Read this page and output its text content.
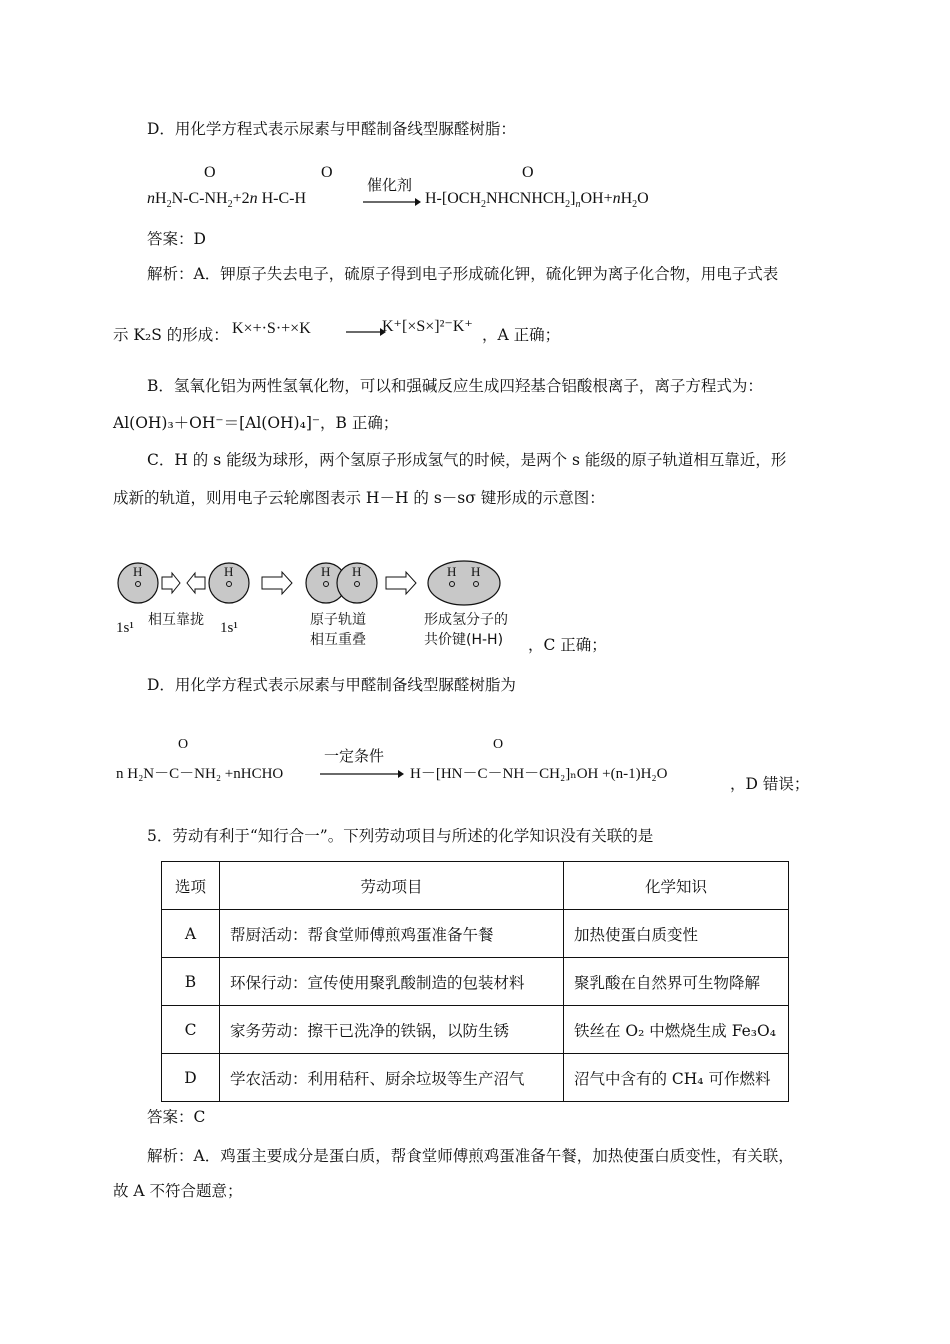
D．用化学方程式表示尿素与甲醛制备线型脲醛树脂：
O	O
催化剂
O
$nH_2N-C-NH_2+2n$ H-C-H	→ $H-[OCH_2NHCNHCH_2]_nOH+nH_2O$
答案：D
解析：A．钾原子失去电子，硫原子得到电子形成硫化钾，硫化钾为离子化合物，用电子式表
示 K₂S 的形成： K×+·S·+×K	K⁺[×S×]²⁻K⁺ ，A 正确；
B．氢氧化铝为两性氢氧化物，可以和强碱反应生成四羟基合铝酸根离子，离子方程式为：
Al(OH)₃＋OH⁻＝[Al(OH)₄]⁻，B 正确；
C．H 的 s 能级为球形，两个氢原子形成氢气的时候，是两个 s 能级的原子轨道相互靠近，形
成新的轨道，则用电子云轮廓图表示 H－H 的 s－sσ 键形成的示意图：
H	H	H H	H H
1s¹ 相互靠拢 1s¹	原子轨道
相互重叠
形成氢分子的
共价键(H-H) ，C 正确；
D．用化学方程式表示尿素与甲醛制备线型脲醛树脂为
O	O
一定条件
n H₂N－C－NH₂ +nHCHO	H－[HN－C－NH－CH₂]ₙOH +(n-1)H₂O
，D 错误；
5．劳动有利于“知行合一”。下列劳动项目与所述的化学知识没有关联的是
选项	劳动项目	化学知识
A	帮厨活动：帮食堂师傅煎鸡蛋准备午餐	加热使蛋白质变性
B	环保行动：宣传使用聚乳酸制造的包装材料	聚乳酸在自然界可生物降解
C	家务劳动：擦干已洗净的铁锅，以防生锈	铁丝在 O₂ 中燃烧生成 Fe₃O₄
D	学农活动：利用秸秆、厨余垃圾等生产沼气	沼气中含有的 CH₄ 可作燃料
答案：C
解析：A．鸡蛋主要成分是蛋白质，帮食堂师傅煎鸡蛋准备午餐，加热使蛋白质变性，有关联，
故 A 不符合题意；
